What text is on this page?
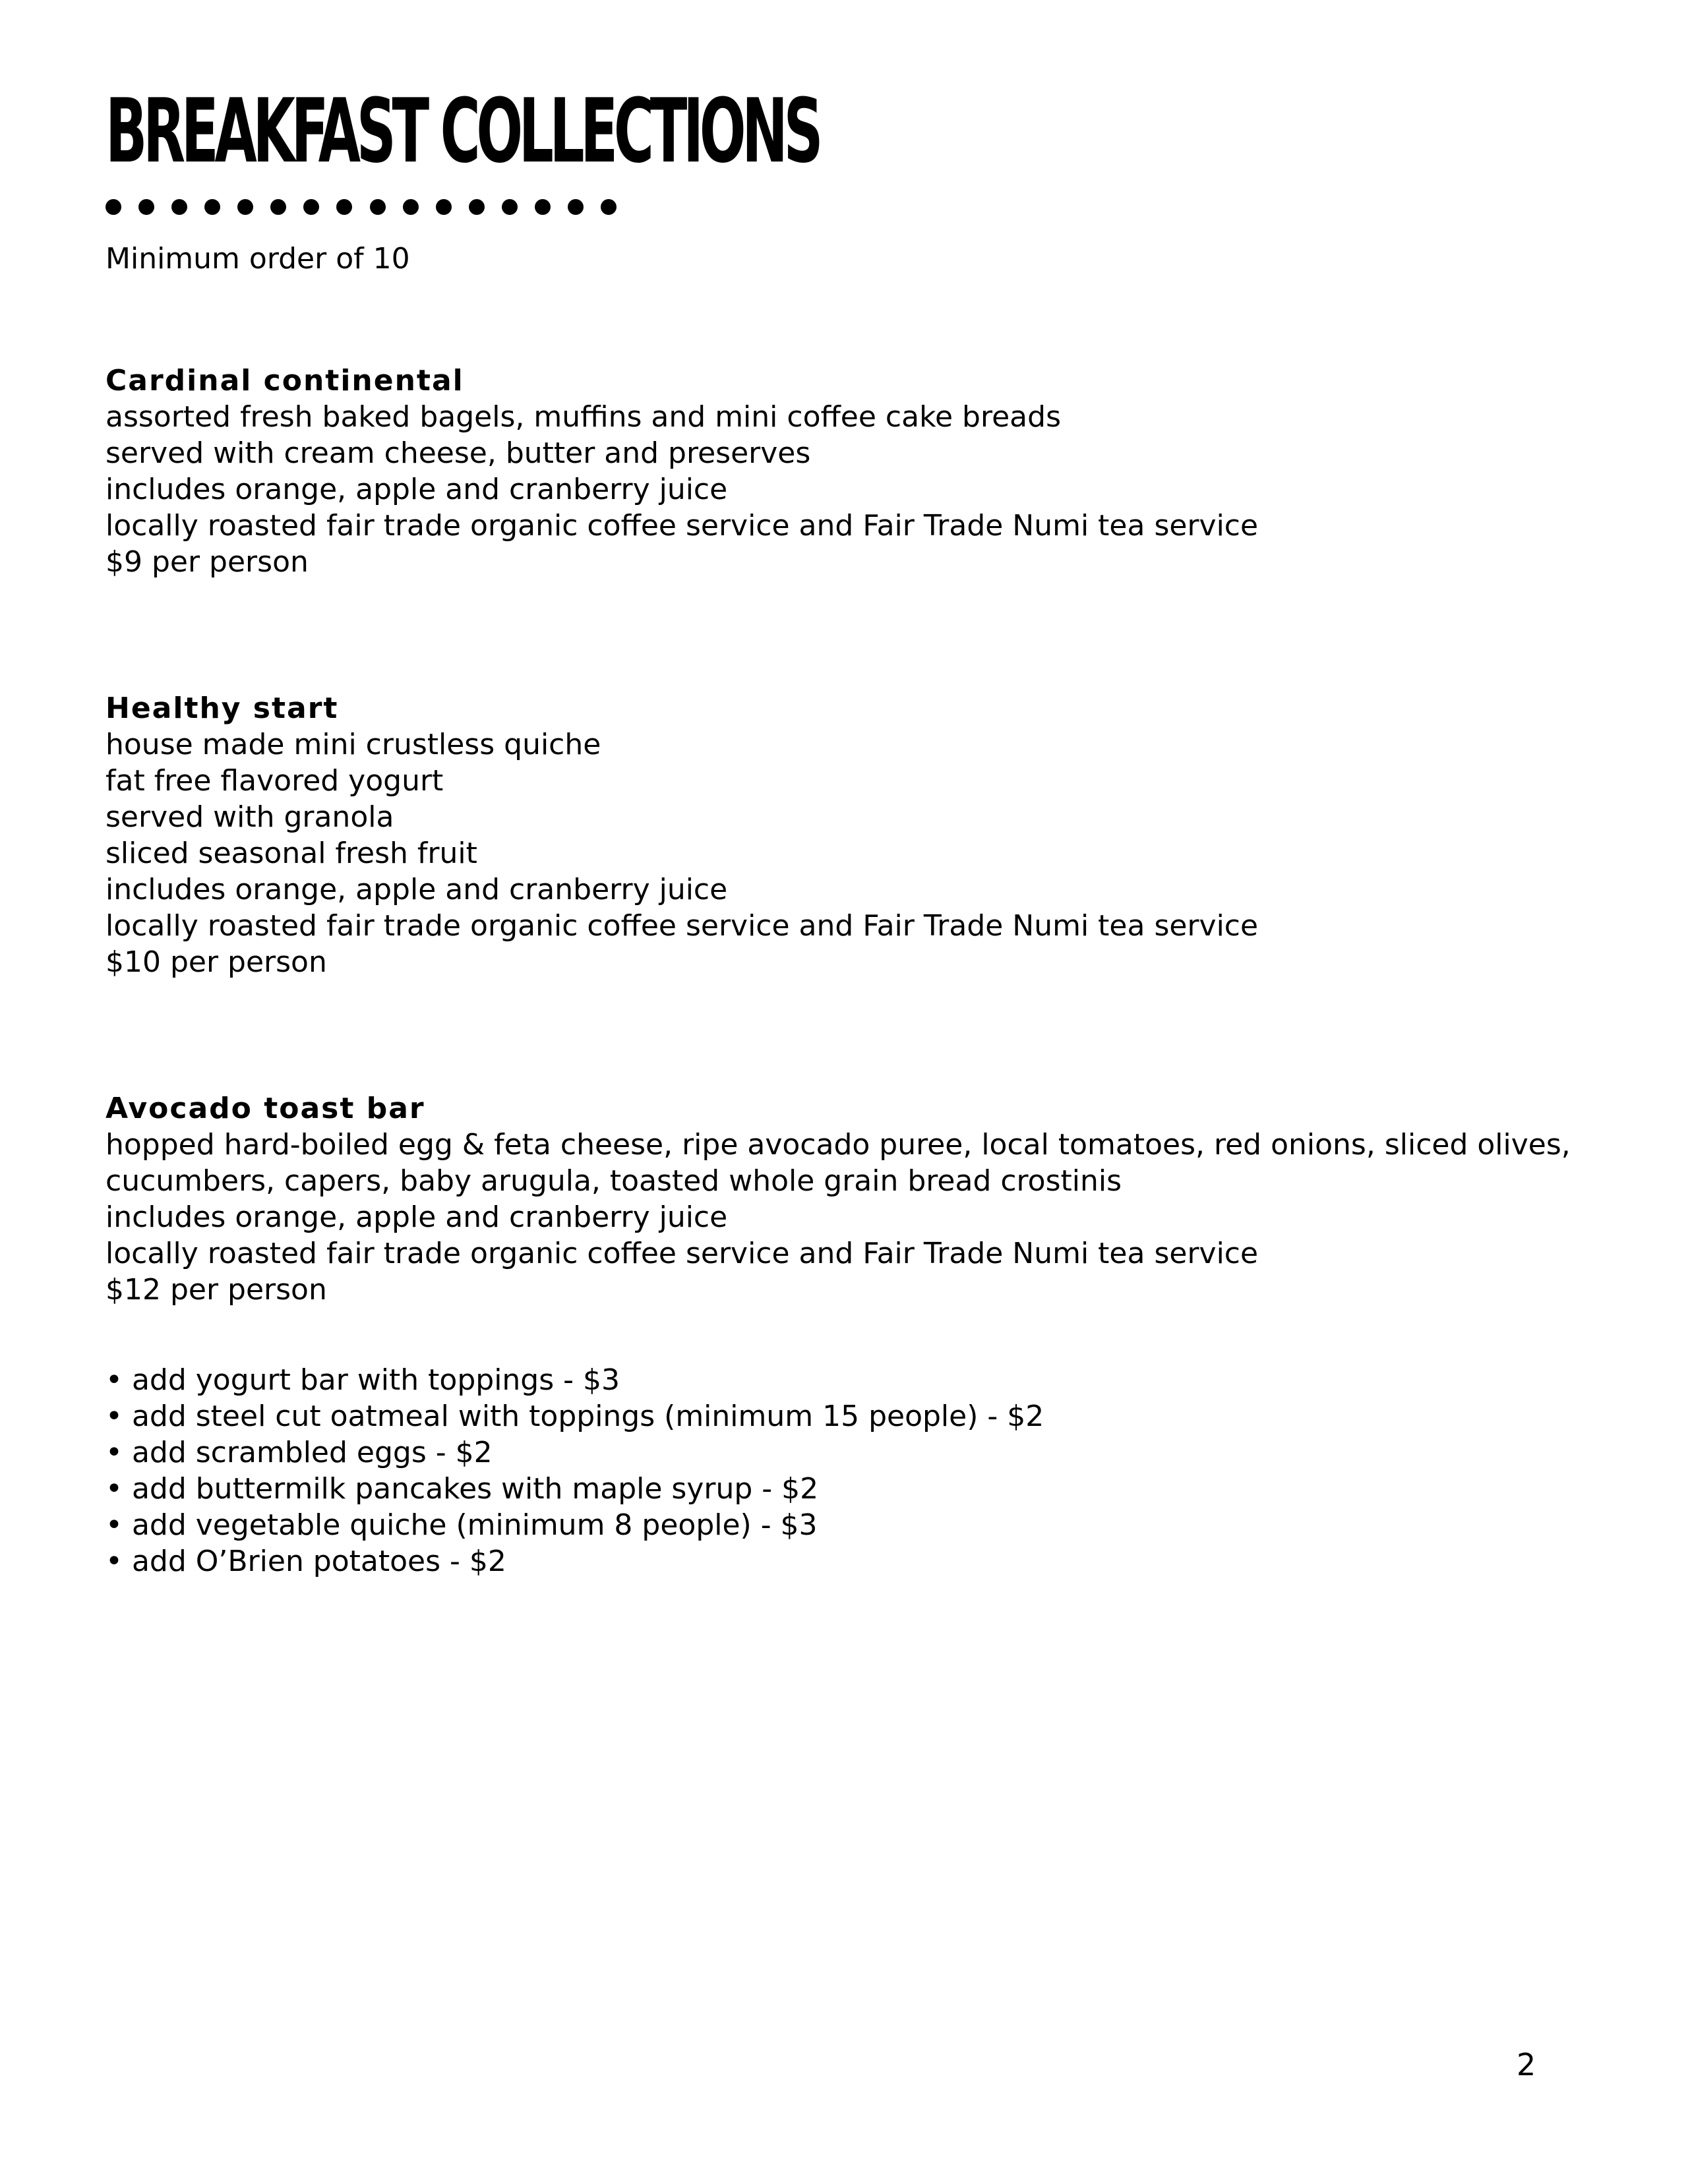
BREAKFAST COLLECTIONS

Minimum order of 10

Cardinal continental

assorted fresh baked bagels, muffins and mini coffee cake breads
served with cream cheese, butter and preserves
includes orange, apple and cranberry juice
locally roasted fair trade organic coffee service and Fair Trade Numi tea service
$9 per person

Healthy start

house made mini crustless quiche
fat free flavored yogurt
served with granola
sliced seasonal fresh fruit
includes orange, apple and cranberry juice
locally roasted fair trade organic coffee service and Fair Trade Numi tea service
$10 per person

Avocado toast bar

hopped hard-boiled egg & feta cheese, ripe avocado puree, local tomatoes, red onions, sliced olives,
cucumbers, capers, baby arugula, toasted whole grain bread crostinis
includes orange, apple and cranberry juice
locally roasted fair trade organic coffee service and Fair Trade Numi tea service
$12 per person
• add yogurt bar with toppings - $3
• add steel cut oatmeal with toppings (minimum 15 people) - $2
• add scrambled eggs - $2
• add buttermilk pancakes with maple syrup - $2
• add vegetable quiche (minimum 8 people) - $3
• add O’Brien potatoes - $2
2
